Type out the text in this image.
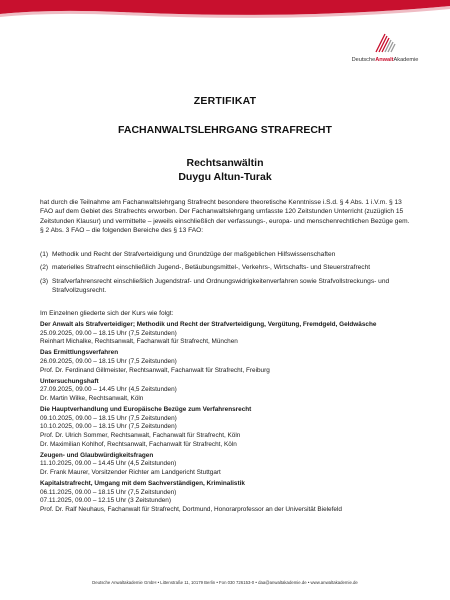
DeutscheAnwaltAkademie
ZERTIFIKAT
FACHANWALTSLEHRGANG STRAFRECHT
Rechtsanwältin
Duygu Altun-Turak
hat durch die Teilnahme am Fachanwaltslehrgang Strafrecht besondere theoretische Kenntnisse i.S.d. § 4 Abs. 1 i.V.m. § 13 FAO auf dem Gebiet des Strafrechts erworben. Der Fachanwaltslehrgang umfasste 120 Zeitstunden Unterricht (zuzüglich 15 Zeitstunden Klausur) und vermittelte – jeweils einschließlich der verfassungs-, europa- und menschenrechtlichen Bezüge gem. § 2 Abs. 3 FAO – die folgenden Bereiche des § 13 FAO:
(1) Methodik und Recht der Strafverteidigung und Grundzüge der maßgeblichen Hilfswissenschaften
(2) materielles Strafrecht einschließlich Jugend-, Betäubungsmittel-, Verkehrs-, Wirtschafts- und Steuerstrafrecht
(3) Strafverfahrensrecht einschließlich Jugendstraf- und Ordnungswidrigkeitenverfahren sowie Strafvollstreckungs- und Strafvollzugsrecht.
Im Einzelnen gliederte sich der Kurs wie folgt:
Der Anwalt als Strafverteidiger; Methodik und Recht der Strafverteidigung, Vergütung, Fremdgeld, Geldwäsche
25.09.2025, 09.00 – 18.15 Uhr (7,5 Zeitstunden)
Reinhart Michalke, Rechtsanwalt, Fachanwalt für Strafrecht, München
Das Ermittlungsverfahren
26.09.2025, 09.00 – 18.15 Uhr (7,5 Zeitstunden)
Prof. Dr. Ferdinand Gillmeister, Rechtsanwalt, Fachanwalt für Strafrecht, Freiburg
Untersuchungshaft
27.09.2025, 09.00 – 14.45 Uhr (4,5 Zeitstunden)
Dr. Martin Wilke, Rechtsanwalt, Köln
Die Hauptverhandlung und Europäische Bezüge zum Verfahrensrecht
09.10.2025, 09.00 – 18.15 Uhr (7,5 Zeitstunden)
10.10.2025, 09.00 – 18.15 Uhr (7,5 Zeitstunden)
Prof. Dr. Ulrich Sommer, Rechtsanwalt, Fachanwalt für Strafrecht, Köln
Dr. Maximilian Kohlhof, Rechtsanwalt, Fachanwalt für Strafrecht, Köln
Zeugen- und Glaubwürdigkeitsfragen
11.10.2025, 09.00 – 14.45 Uhr (4,5 Zeitstunden)
Dr. Frank Maurer, Vorsitzender Richter am Landgericht Stuttgart
Kapitalstrafrecht, Umgang mit dem Sachverständigen, Kriminalistik
06.11.2025, 09.00 – 18.15 Uhr (7,5 Zeitstunden)
07.11.2025, 09.00 – 12.15 Uhr (3 Zeitstunden)
Prof. Dr. Ralf Neuhaus, Fachanwalt für Strafrecht, Dortmund, Honorarprofessor an der Universität Bielefeld
Deutsche Anwaltakademie GmbH • Littenstraße 11, 10179 Berlin • Fon 030 726153-0 • daa@anwaltakademie.de • www.anwaltakademie.de
